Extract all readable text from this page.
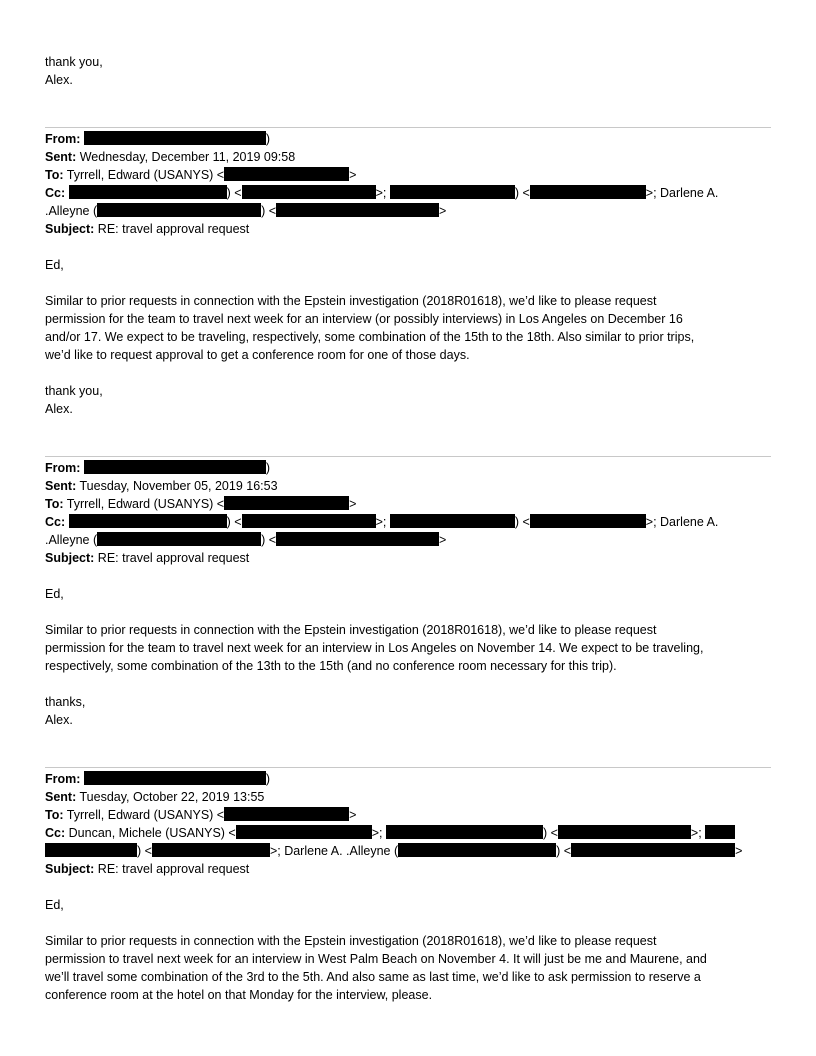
thank you,
Alex.
From:	)
Sent: Wednesday, December 11, 2019 09:58
To: Tyrrell, Edward (USANYS) <	>
Cc:	) <	>;	) <	>; Darlene A.
.Alleyne (	) <	>
Subject: RE: travel approval request
Ed,
Similar to prior requests in connection with the Epstein investigation (2018R01618), we’d like to please request
permission for the team to travel next week for an interview (or possibly interviews) in Los Angeles on December 16
and/or 17. We expect to be traveling, respectively, some combination of the 15th to the 18th. Also similar to prior trips,
we’d like to request approval to get a conference room for one of those days.
thank you,
Alex.
From:	)
Sent: Tuesday, November 05, 2019 16:53
To: Tyrrell, Edward (USANYS) <	>
Cc:	) <	>;	) <	>; Darlene A.
.Alleyne (	) <	>
Subject: RE: travel approval request
Ed,
Similar to prior requests in connection with the Epstein investigation (2018R01618), we’d like to please request
permission for the team to travel next week for an interview in Los Angeles on November 14. We expect to be traveling,
respectively, some combination of the 13th to the 15th (and no conference room necessary for this trip).
thanks,
Alex.
From:	)
Sent: Tuesday, October 22, 2019 13:55
To: Tyrrell, Edward (USANYS) <	>
Cc: Duncan, Michele (USANYS) <	>;	) <	>;
) <	>; Darlene A. .Alleyne (	) <	>
Subject: RE: travel approval request
Ed,
Similar to prior requests in connection with the Epstein investigation (2018R01618), we’d like to please request
permission to travel next week for an interview in West Palm Beach on November 4. It will just be me and Maurene, and
we’ll travel some combination of the 3rd to the 5th. And also same as last time, we’d like to ask permission to reserve a
conference room at the hotel on that Monday for the interview, please.
